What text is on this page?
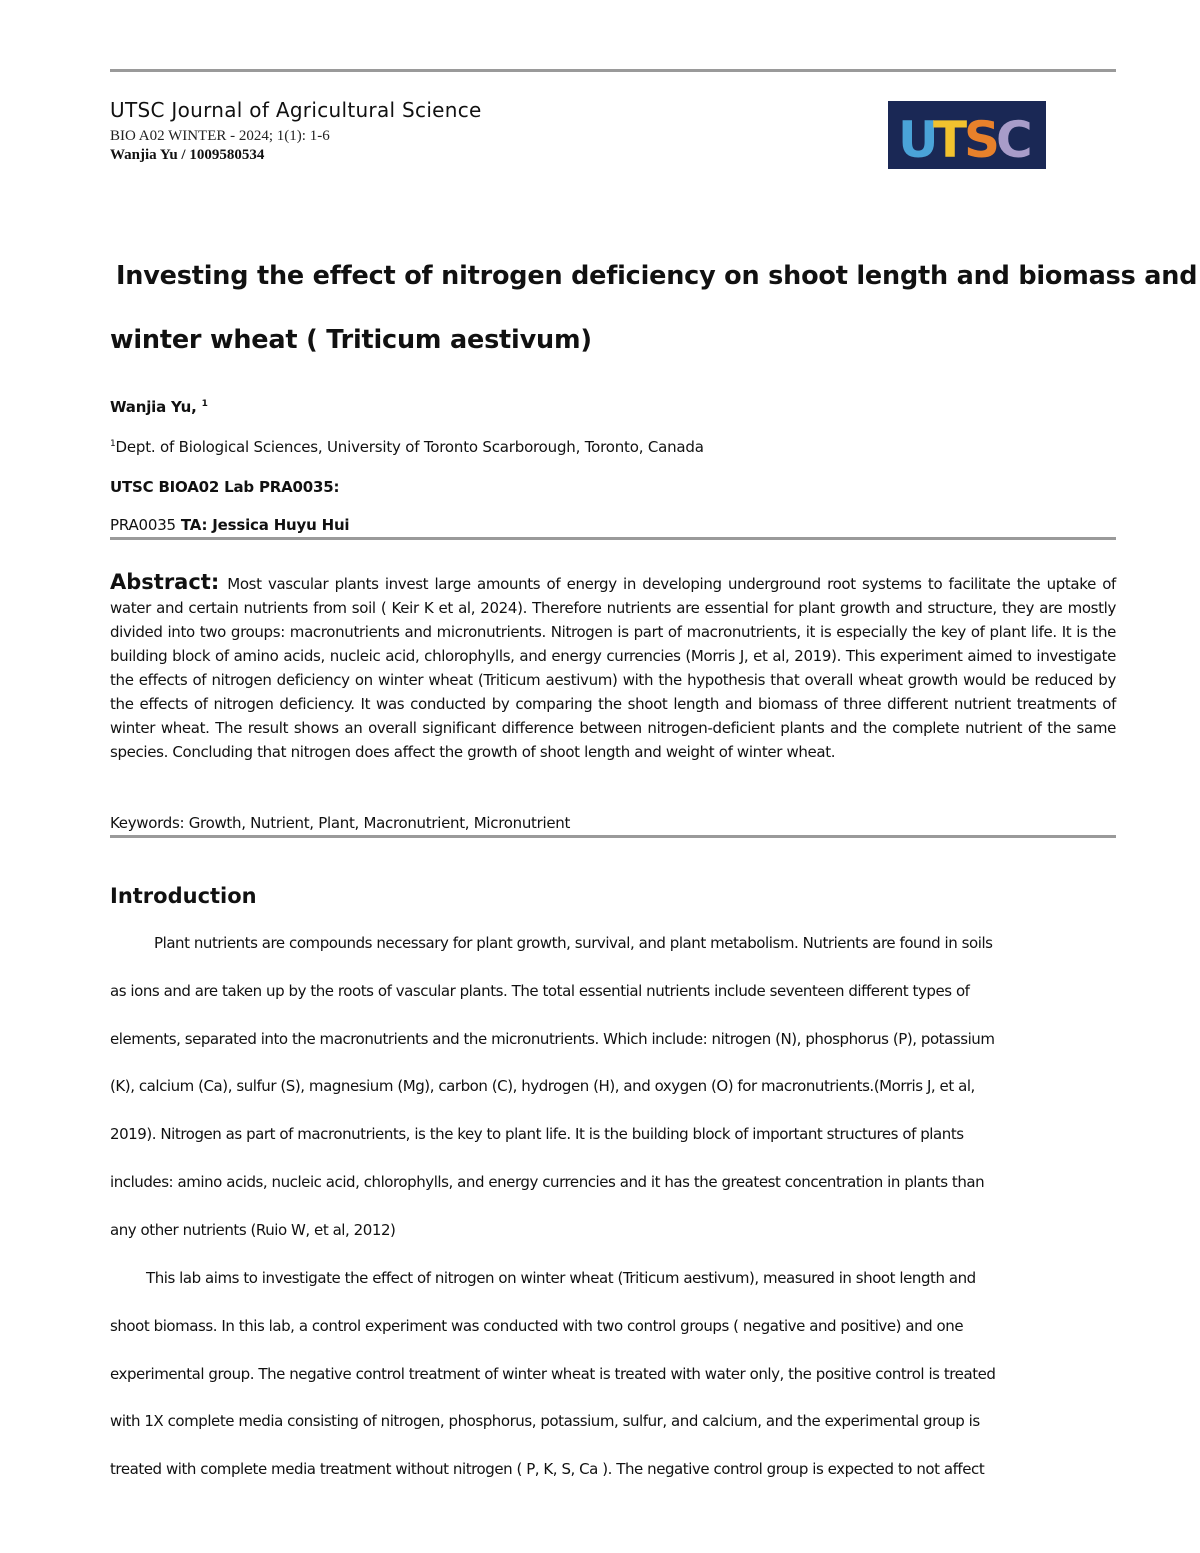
UTSC Journal of Agricultural Science
BIO A02 WINTER - 2024; 1(1): 1-6
Wanjia Yu / 1009580534	U T S C
Investing the effect of nitrogen deficiency on shoot length and biomass and
winter wheat ( Triticum aestivum)
Wanjia Yu, $^1$
$^1$Dept. of Biological Sciences, University of Toronto Scarborough, Toronto, Canada
UTSC BIOA02 Lab PRA0035:
PRA0035 TA: Jessica Huyu Hui
Abstract: Most vascular plants invest large amounts of energy in developing underground root systems to facilitate the uptake of water and certain nutrients from soil ( Keir K et al, 2024). Therefore nutrients are essential for plant growth and structure, they are mostly divided into two groups: macronutrients and micronutrients. Nitrogen is part of macronutrients, it is especially the key of plant life. It is the building block of amino acids, nucleic acid, chlorophylls, and energy currencies (Morris J, et al, 2019). This experiment aimed to investigate the effects of nitrogen deficiency on winter wheat (Triticum aestivum) with the hypothesis that overall wheat growth would be reduced by the effects of nitrogen deficiency. It was conducted by comparing the shoot length and biomass of three different nutrient treatments of winter wheat. The result shows an overall significant difference between nitrogen-deficient plants and the complete nutrient of the same species. Concluding that nitrogen does affect the growth of shoot length and weight of winter wheat.
Keywords: Growth, Nutrient, Plant, Macronutrient, Micronutrient
Introduction
Plant nutrients are compounds necessary for plant growth, survival, and plant metabolism. Nutrients are found in soils
as ions and are taken up by the roots of vascular plants. The total essential nutrients include seventeen different types of
elements, separated into the macronutrients and the micronutrients. Which include: nitrogen (N), phosphorus (P), potassium
(K), calcium (Ca), sulfur (S), magnesium (Mg), carbon (C), hydrogen (H), and oxygen (O) for macronutrients.(Morris J, et al,
2019). Nitrogen as part of macronutrients, is the key to plant life. It is the building block of important structures of plants
includes: amino acids, nucleic acid, chlorophylls, and energy currencies and it has the greatest concentration in plants than
any other nutrients (Ruio W, et al, 2012)
This lab aims to investigate the effect of nitrogen on winter wheat (Triticum aestivum), measured in shoot length and
shoot biomass. In this lab, a control experiment was conducted with two control groups ( negative and positive) and one
experimental group. The negative control treatment of winter wheat is treated with water only, the positive control is treated
with 1X complete media consisting of nitrogen, phosphorus, potassium, sulfur, and calcium, and the experimental group is
treated with complete media treatment without nitrogen ( P, K, S, Ca ). The negative control group is expected to not affect
